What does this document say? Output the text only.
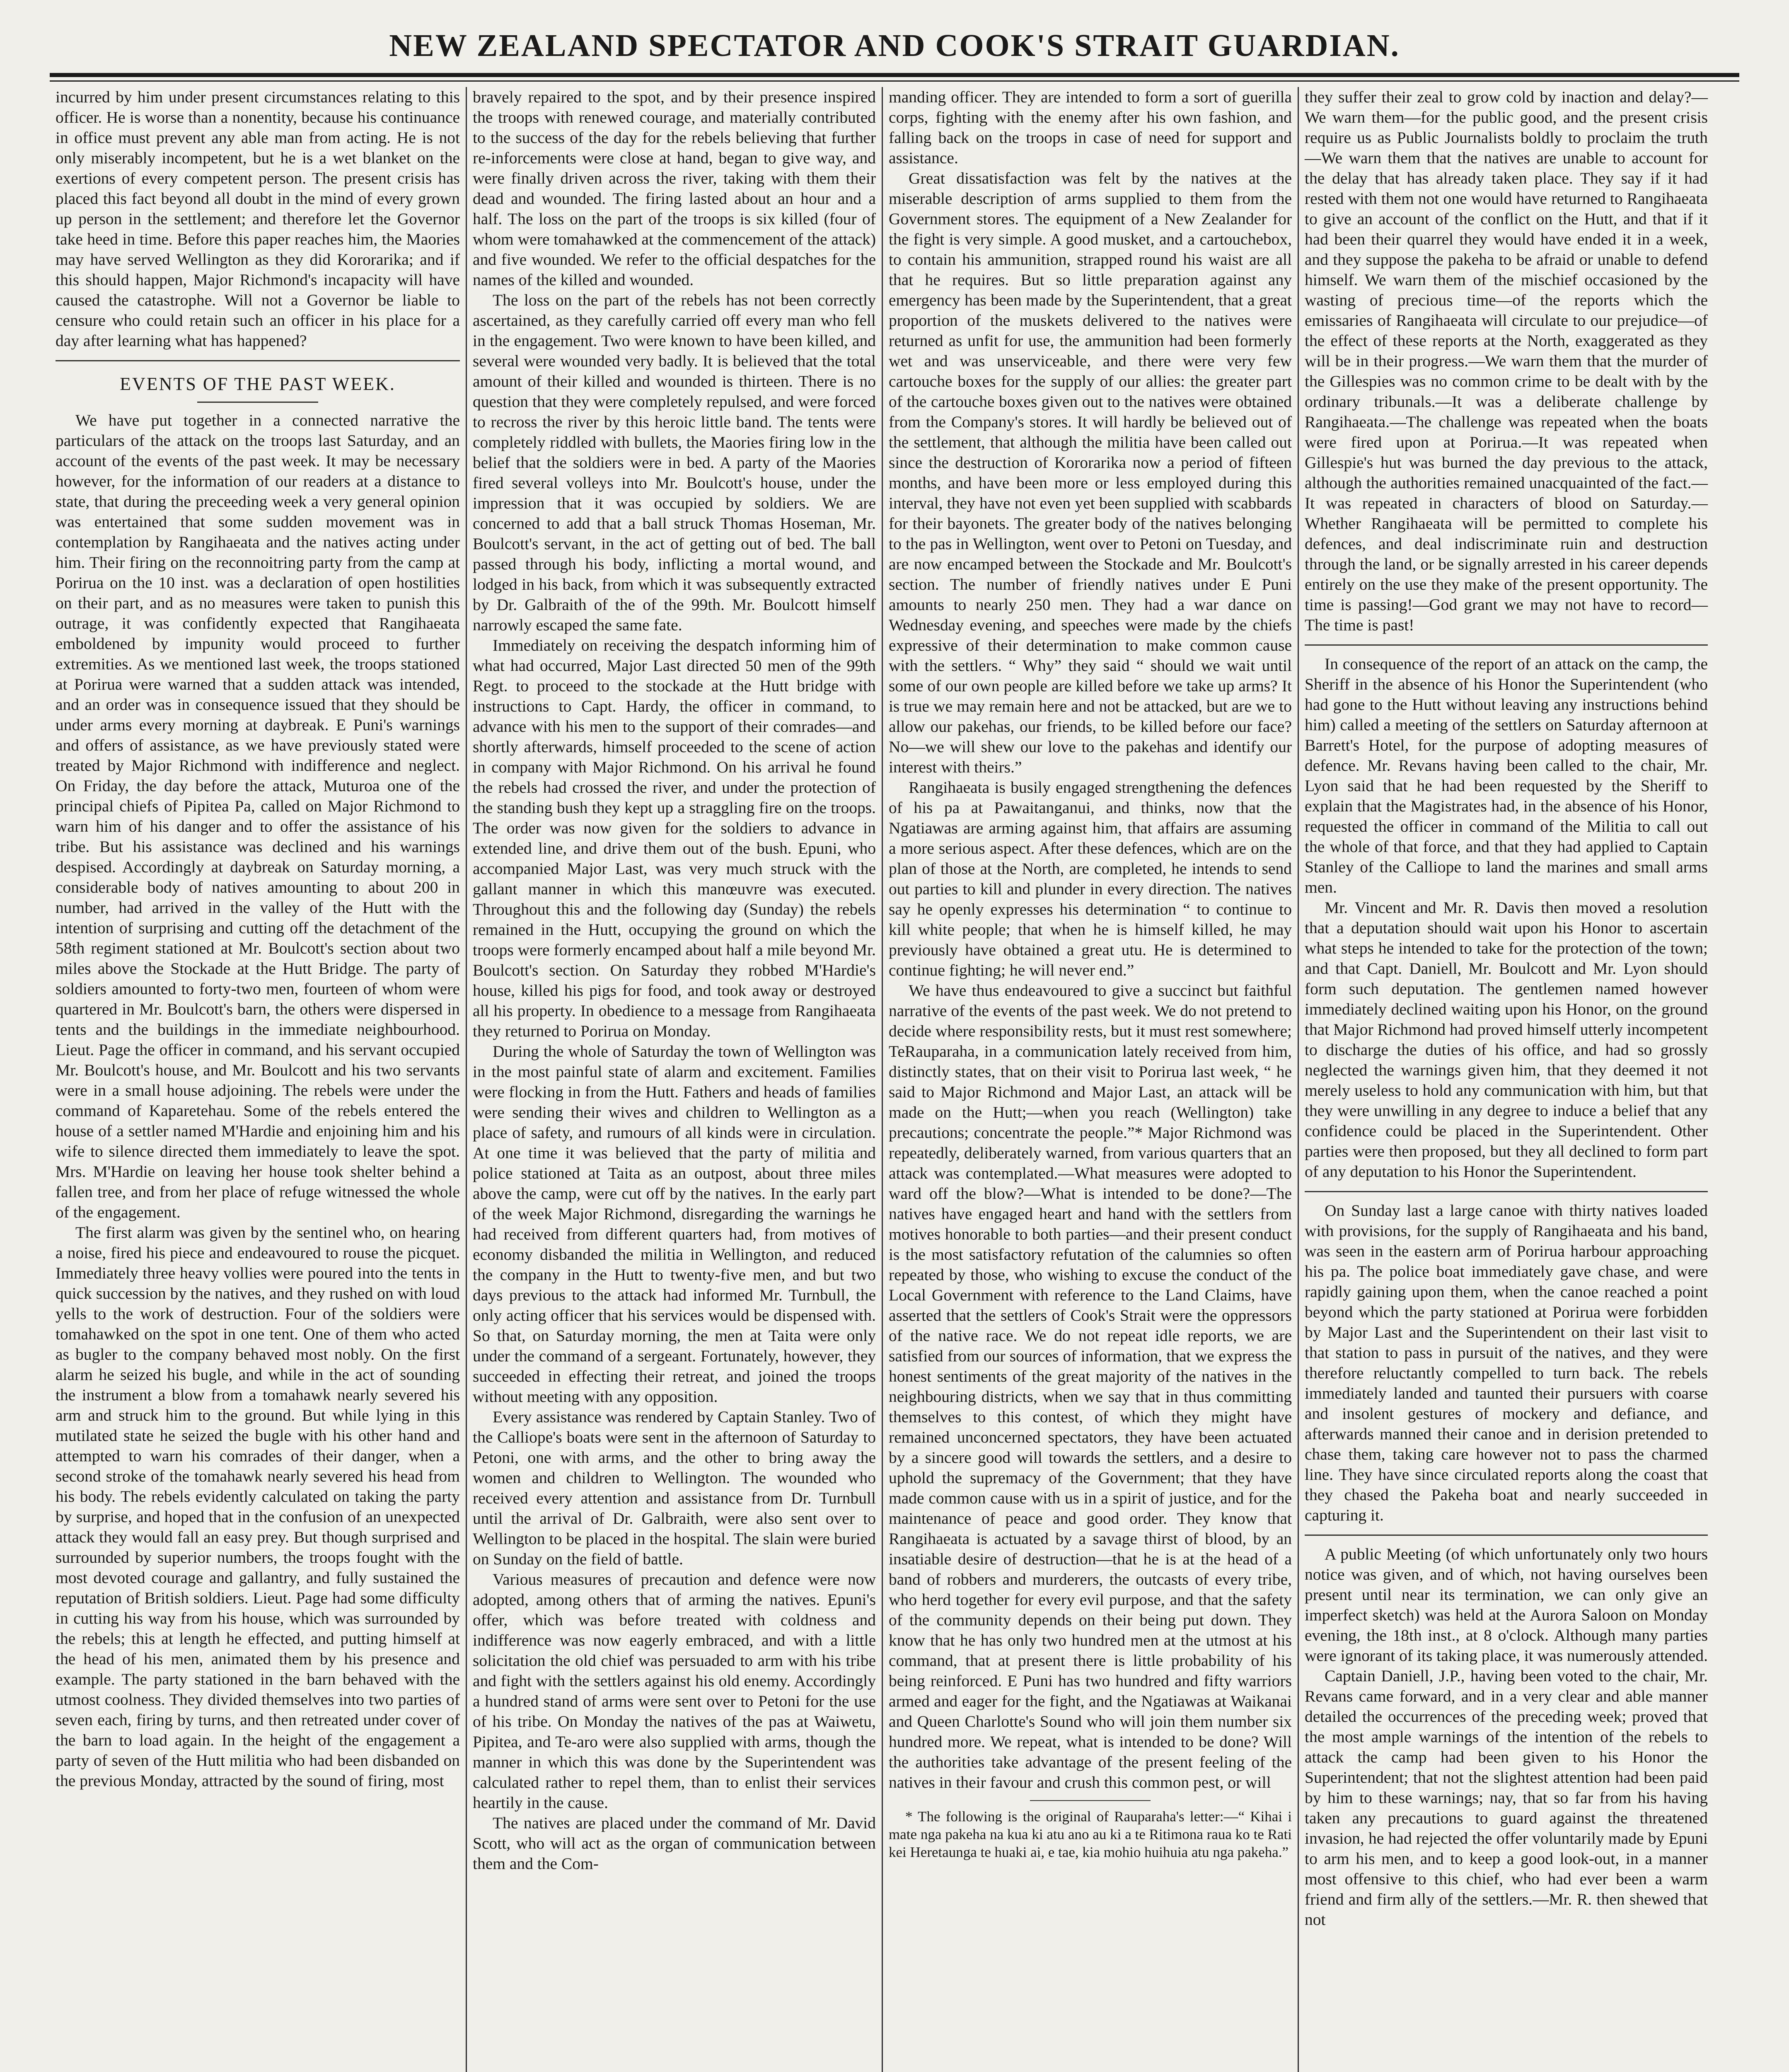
NEW ZEALAND SPECTATOR AND COOK'S STRAIT GUARDIAN.

incurred by him under present circumstances relating to this officer. He is worse than a nonentity, because his continuance in office must prevent any able man from acting. He is not only miserably incompetent, but he is a wet blanket on the exertions of every competent person. The present crisis has placed this fact beyond all doubt in the mind of every grown up person in the settlement; and therefore let the Governor take heed in time. Before this paper reaches him, the Maories may have served Wellington as they did Kororarika; and if this should happen, Major Richmond's incapacity will have caused the catastrophe. Will not a Governor be liable to censure who could retain such an officer in his place for a day after learning what has happened?

EVENTS OF THE PAST WEEK.

We have put together in a connected narrative the particulars of the attack on the troops last Saturday, and an account of the events of the past week. It may be necessary however, for the information of our readers at a distance to state, that during the preceeding week a very general opinion was entertained that some sudden movement was in contemplation by Rangihaeata and the natives acting under him. Their firing on the reconnoitring party from the camp at Porirua on the 10 inst. was a declaration of open hostilities on their part, and as no measures were taken to punish this outrage, it was confidently expected that Rangihaeata emboldened by impunity would proceed to further extremities. As we mentioned last week, the troops stationed at Porirua were warned that a sudden attack was intended, and an order was in consequence issued that they should be under arms every morning at daybreak. E Puni's warnings and offers of assistance, as we have previously stated were treated by Major Richmond with indifference and neglect. On Friday, the day before the attack, Muturoa one of the principal chiefs of Pipitea Pa, called on Major Richmond to warn him of his danger and to offer the assistance of his tribe. But his assistance was declined and his warnings despised. Accordingly at daybreak on Saturday morning, a considerable body of natives amounting to about 200 in number, had arrived in the valley of the Hutt with the intention of surprising and cutting off the detachment of the 58th regiment stationed at Mr. Boulcott's section about two miles above the Stockade at the Hutt Bridge. The party of soldiers amounted to forty-two men, fourteen of whom were quartered in Mr. Boulcott's barn, the others were dispersed in tents and the buildings in the immediate neighbourhood. Lieut. Page the officer in command, and his servant occupied Mr. Boulcott's house, and Mr. Boulcott and his two servants were in a small house adjoining. The rebels were under the command of Kaparetehau. Some of the rebels entered the house of a settler named M'Hardie and enjoining him and his wife to silence directed them immediately to leave the spot. Mrs. M'Hardie on leaving her house took shelter behind a fallen tree, and from her place of refuge witnessed the whole of the engagement.

The first alarm was given by the sentinel who, on hearing a noise, fired his piece and endeavoured to rouse the picquet. Immediately three heavy vollies were poured into the tents in quick succession by the natives, and they rushed on with loud yells to the work of destruction. Four of the soldiers were tomahawked on the spot in one tent. One of them who acted as bugler to the company behaved most nobly. On the first alarm he seized his bugle, and while in the act of sounding the instrument a blow from a tomahawk nearly severed his arm and struck him to the ground. But while lying in this mutilated state he seized the bugle with his other hand and attempted to warn his comrades of their danger, when a second stroke of the tomahawk nearly severed his head from his body. The rebels evidently calculated on taking the party by surprise, and hoped that in the confusion of an unexpected attack they would fall an easy prey. But though surprised and surrounded by superior numbers, the troops fought with the most devoted courage and gallantry, and fully sustained the reputation of British soldiers. Lieut. Page had some difficulty in cutting his way from his house, which was surrounded by the rebels; this at length he effected, and putting himself at the head of his men, animated them by his presence and example. The party stationed in the barn behaved with the utmost coolness. They divided themselves into two parties of seven each, firing by turns, and then retreated under cover of the barn to load again. In the height of the engagement a party of seven of the Hutt militia who had been disbanded on the previous Monday, attracted by the sound of firing, most

bravely repaired to the spot, and by their presence inspired the troops with renewed courage, and materially contributed to the success of the day for the rebels believing that further re-inforcements were close at hand, began to give way, and were finally driven across the river, taking with them their dead and wounded. The firing lasted about an hour and a half. The loss on the part of the troops is six killed (four of whom were tomahawked at the commencement of the attack) and five wounded. We refer to the official despatches for the names of the killed and wounded.

The loss on the part of the rebels has not been correctly ascertained, as they carefully carried off every man who fell in the engagement. Two were known to have been killed, and several were wounded very badly. It is believed that the total amount of their killed and wounded is thirteen. There is no question that they were completely repulsed, and were forced to recross the river by this heroic little band. The tents were completely riddled with bullets, the Maories firing low in the belief that the soldiers were in bed. A party of the Maories fired several volleys into Mr. Boulcott's house, under the impression that it was occupied by soldiers. We are concerned to add that a ball struck Thomas Hoseman, Mr. Boulcott's servant, in the act of getting out of bed. The ball passed through his body, inflicting a mortal wound, and lodged in his back, from which it was subsequently extracted by Dr. Galbraith of the of the 99th. Mr. Boulcott himself narrowly escaped the same fate.

Immediately on receiving the despatch informing him of what had occurred, Major Last directed 50 men of the 99th Regt. to proceed to the stockade at the Hutt bridge with instructions to Capt. Hardy, the officer in command, to advance with his men to the support of their comrades—and shortly afterwards, himself proceeded to the scene of action in company with Major Richmond. On his arrival he found the rebels had crossed the river, and under the protection of the standing bush they kept up a straggling fire on the troops. The order was now given for the soldiers to advance in extended line, and drive them out of the bush. Epuni, who accompanied Major Last, was very much struck with the gallant manner in which this manœuvre was executed. Throughout this and the following day (Sunday) the rebels remained in the Hutt, occupying the ground on which the troops were formerly encamped about half a mile beyond Mr. Boulcott's section. On Saturday they robbed M'Hardie's house, killed his pigs for food, and took away or destroyed all his property. In obedience to a message from Rangihaeata they returned to Porirua on Monday.

During the whole of Saturday the town of Wellington was in the most painful state of alarm and excitement. Families were flocking in from the Hutt. Fathers and heads of families were sending their wives and children to Wellington as a place of safety, and rumours of all kinds were in circulation. At one time it was believed that the party of militia and police stationed at Taita as an outpost, about three miles above the camp, were cut off by the natives. In the early part of the week Major Richmond, disregarding the warnings he had received from different quarters had, from motives of economy disbanded the militia in Wellington, and reduced the company in the Hutt to twenty-five men, and but two days previous to the attack had informed Mr. Turnbull, the only acting officer that his services would be dispensed with. So that, on Saturday morning, the men at Taita were only under the command of a sergeant. Fortunately, however, they succeeded in effecting their retreat, and joined the troops without meeting with any opposition.

Every assistance was rendered by Captain Stanley. Two of the Calliope's boats were sent in the afternoon of Saturday to Petoni, one with arms, and the other to bring away the women and children to Wellington. The wounded who received every attention and assistance from Dr. Turnbull until the arrival of Dr. Galbraith, were also sent over to Wellington to be placed in the hospital. The slain were buried on Sunday on the field of battle.

Various measures of precaution and defence were now adopted, among others that of arming the natives. Epuni's offer, which was before treated with coldness and indifference was now eagerly embraced, and with a little solicitation the old chief was persuaded to arm with his tribe and fight with the settlers against his old enemy. Accordingly a hundred stand of arms were sent over to Petoni for the use of his tribe. On Monday the natives of the pas at Waiwetu, Pipitea, and Te-aro were also supplied with arms, though the manner in which this was done by the Superintendent was calculated rather to repel them, than to enlist their services heartily in the cause.

The natives are placed under the command of Mr. David Scott, who will act as the organ of communication between them and the Com-

manding officer. They are intended to form a sort of guerilla corps, fighting with the enemy after his own fashion, and falling back on the troops in case of need for support and assistance.

Great dissatisfaction was felt by the natives at the miserable description of arms supplied to them from the Government stores. The equipment of a New Zealander for the fight is very simple. A good musket, and a cartouchebox, to contain his ammunition, strapped round his waist are all that he requires. But so little preparation against any emergency has been made by the Superintendent, that a great proportion of the muskets delivered to the natives were returned as unfit for use, the ammunition had been formerly wet and was unserviceable, and there were very few cartouche boxes for the supply of our allies: the greater part of the cartouche boxes given out to the natives were obtained from the Company's stores. It will hardly be believed out of the settlement, that although the militia have been called out since the destruction of Kororarika now a period of fifteen months, and have been more or less employed during this interval, they have not even yet been supplied with scabbards for their bayonets. The greater body of the natives belonging to the pas in Wellington, went over to Petoni on Tuesday, and are now encamped between the Stockade and Mr. Boulcott's section. The number of friendly natives under E Puni amounts to nearly 250 men. They had a war dance on Wednesday evening, and speeches were made by the chiefs expressive of their determination to make common cause with the settlers. “ Why” they said “ should we wait until some of our own people are killed before we take up arms? It is true we may remain here and not be attacked, but are we to allow our pakehas, our friends, to be killed before our face? No—we will shew our love to the pakehas and identify our interest with theirs.”

Rangihaeata is busily engaged strengthening the defences of his pa at Pawaitanganui, and thinks, now that the Ngatiawas are arming against him, that affairs are assuming a more serious aspect. After these defences, which are on the plan of those at the North, are completed, he intends to send out parties to kill and plunder in every direction. The natives say he openly expresses his determination “ to continue to kill white people; that when he is himself killed, he may previously have obtained a great utu. He is determined to continue fighting; he will never end.”

We have thus endeavoured to give a succinct but faithful narrative of the events of the past week. We do not pretend to decide where responsibility rests, but it must rest somewhere; TeRauparaha, in a communication lately received from him, distinctly states, that on their visit to Porirua last week, “ he said to Major Richmond and Major Last, an attack will be made on the Hutt;—when you reach (Wellington) take precautions; concentrate the people.”* Major Richmond was repeatedly, deliberately warned, from various quarters that an attack was contemplated.—What measures were adopted to ward off the blow?—What is intended to be done?—The natives have engaged heart and hand with the settlers from motives honorable to both parties—and their present conduct is the most satisfactory refutation of the calumnies so often repeated by those, who wishing to excuse the conduct of the Local Government with reference to the Land Claims, have asserted that the settlers of Cook's Strait were the oppressors of the native race. We do not repeat idle reports, we are satisfied from our sources of information, that we express the honest sentiments of the great majority of the natives in the neighbouring districts, when we say that in thus committing themselves to this contest, of which they might have remained unconcerned spectators, they have been actuated by a sincere good will towards the settlers, and a desire to uphold the supremacy of the Government; that they have made common cause with us in a spirit of justice, and for the maintenance of peace and good order. They know that Rangihaeata is actuated by a savage thirst of blood, by an insatiable desire of destruction—that he is at the head of a band of robbers and murderers, the outcasts of every tribe, who herd together for every evil purpose, and that the safety of the community depends on their being put down. They know that he has only two hundred men at the utmost at his command, that at present there is little probability of his being reinforced. E Puni has two hundred and fifty warriors armed and eager for the fight, and the Ngatiawas at Waikanai and Queen Charlotte's Sound who will join them number six hundred more. We repeat, what is intended to be done? Will the authorities take advantage of the present feeling of the natives in their favour and crush this common pest, or will

* The following is the original of Rauparaha's letter:—“ Kihai i mate nga pakeha na kua ki atu ano au ki a te Ritimona raua ko te Rati kei Heretaunga te huaki ai, e tae, kia mohio huihuia atu nga pakeha.”

they suffer their zeal to grow cold by inaction and delay?—We warn them—for the public good, and the present crisis require us as Public Journalists boldly to proclaim the truth—We warn them that the natives are unable to account for the delay that has already taken place. They say if it had rested with them not one would have returned to Rangihaeata to give an account of the conflict on the Hutt, and that if it had been their quarrel they would have ended it in a week, and they suppose the pakeha to be afraid or unable to defend himself. We warn them of the mischief occasioned by the wasting of precious time—of the reports which the emissaries of Rangihaeata will circulate to our prejudice—of the effect of these reports at the North, exaggerated as they will be in their progress.—We warn them that the murder of the Gillespies was no common crime to be dealt with by the ordinary tribunals.—It was a deliberate challenge by Rangihaeata.—The challenge was repeated when the boats were fired upon at Porirua.—It was repeated when Gillespie's hut was burned the day previous to the attack, although the authorities remained unacquainted of the fact.—It was repeated in characters of blood on Saturday.—Whether Rangihaeata will be permitted to complete his defences, and deal indiscriminate ruin and destruction through the land, or be signally arrested in his career depends entirely on the use they make of the present opportunity. The time is passing!—God grant we may not have to record—The time is past!

In consequence of the report of an attack on the camp, the Sheriff in the absence of his Honor the Superintendent (who had gone to the Hutt without leaving any instructions behind him) called a meeting of the settlers on Saturday afternoon at Barrett's Hotel, for the purpose of adopting measures of defence. Mr. Revans having been called to the chair, Mr. Lyon said that he had been requested by the Sheriff to explain that the Magistrates had, in the absence of his Honor, requested the officer in command of the Militia to call out the whole of that force, and that they had applied to Captain Stanley of the Calliope to land the marines and small arms men.

Mr. Vincent and Mr. R. Davis then moved a resolution that a deputation should wait upon his Honor to ascertain what steps he intended to take for the protection of the town; and that Capt. Daniell, Mr. Boulcott and Mr. Lyon should form such deputation. The gentlemen named however immediately declined waiting upon his Honor, on the ground that Major Richmond had proved himself utterly incompetent to discharge the duties of his office, and had so grossly neglected the warnings given him, that they deemed it not merely useless to hold any communication with him, but that they were unwilling in any degree to induce a belief that any confidence could be placed in the Superintendent. Other parties were then proposed, but they all declined to form part of any deputation to his Honor the Superintendent.

On Sunday last a large canoe with thirty natives loaded with provisions, for the supply of Rangihaeata and his band, was seen in the eastern arm of Porirua harbour approaching his pa. The police boat immediately gave chase, and were rapidly gaining upon them, when the canoe reached a point beyond which the party stationed at Porirua were forbidden by Major Last and the Superintendent on their last visit to that station to pass in pursuit of the natives, and they were therefore reluctantly compelled to turn back. The rebels immediately landed and taunted their pursuers with coarse and insolent gestures of mockery and defiance, and afterwards manned their canoe and in derision pretended to chase them, taking care however not to pass the charmed line. They have since circulated reports along the coast that they chased the Pakeha boat and nearly succeeded in capturing it.

A public Meeting (of which unfortunately only two hours notice was given, and of which, not having ourselves been present until near its termination, we can only give an imperfect sketch) was held at the Aurora Saloon on Monday evening, the 18th inst., at 8 o'clock. Although many parties were ignorant of its taking place, it was numerously attended.

Captain Daniell, J.P., having been voted to the chair, Mr. Revans came forward, and in a very clear and able manner detailed the occurrences of the preceding week; proved that the most ample warnings of the intention of the rebels to attack the camp had been given to his Honor the Superintendent; that not the slightest attention had been paid by him to these warnings; nay, that so far from his having taken any precautions to guard against the threatened invasion, he had rejected the offer voluntarily made by Epuni to arm his men, and to keep a good look-out, in a manner most offensive to this chief, who had ever been a warm friend and firm ally of the settlers.—Mr. R. then shewed that not
